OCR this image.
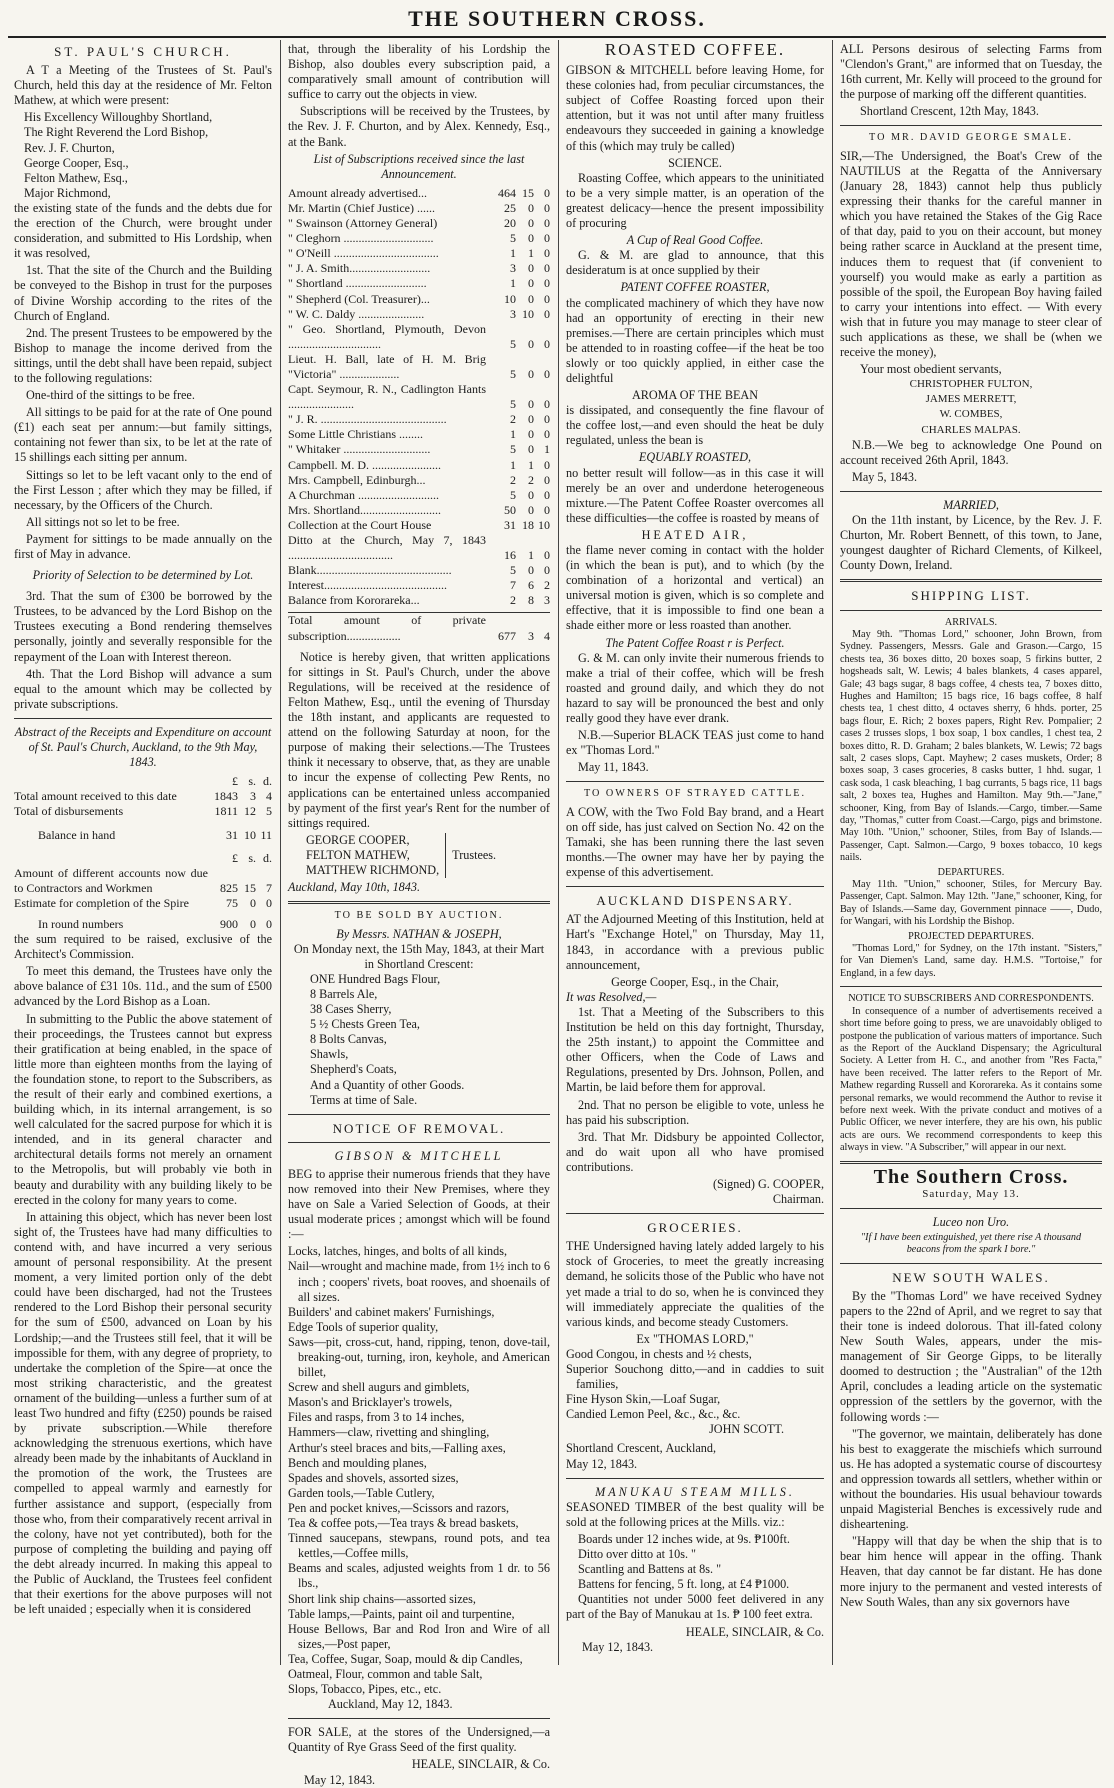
THE SOUTHERN CROSS.
ST. PAUL'S CHURCH.

A T a Meeting of the Trustees of St. Paul's Church, held this day at the residence of Mr. Felton Mathew, at which were present:

His Excellency Willoughby Shortland,
The Right Reverend the Lord Bishop,
Rev. J. F. Churton,
George Cooper, Esq.,
Felton Mathew, Esq.,
Major Richmond,

the existing state of the funds and the debts due for the erection of the Church, were brought under consideration, and submitted to His Lordship, when it was resolved,

1st. That the site of the Church and the Building be conveyed to the Bishop in trust for the purposes of Divine Worship according to the rites of the Church of England.

2nd. The present Trustees to be empowered by the Bishop to manage the income derived from the sittings, until the debt shall have been repaid, subject to the following regulations:

One-third of the sittings to be free.

All sittings to be paid for at the rate of One pound (£1) each seat per annum:—but family sittings, containing not fewer than six, to be let at the rate of 15 shillings each sitting per annum.

Sittings so let to be left vacant only to the end of the First Lesson ; after which they may be filled, if necessary, by the Officers of the Church.

All sittings not so let to be free.

Payment for sittings to be made annually on the first of May in advance.

Priority of Selection to be determined by Lot.

3rd. That the sum of £300 be borrowed by the Trustees, to be advanced by the Lord Bishop on the Trustees executing a Bond rendering themselves personally, jointly and severally responsible for the repayment of the Loan with Interest thereon.

4th. That the Lord Bishop will advance a sum equal to the amount which may be collected by private subscriptions.

Abstract of the Receipts and Expenditure on account of St. Paul's Church, Auckland, to the 9th May, 1843.
	£	s.	d.
Total amount received to this date	1843	3	4
Total of disbursements	1811	12	5

Balance in hand	31	10	11

	£	s.	d.
Amount of different accounts now due to Contractors and Workmen	825	15	7
Estimate for completion of the Spire	75	0	0

In round numbers	900	0	0

the sum required to be raised, exclusive of the Architect's Commission.

To meet this demand, the Trustees have only the above balance of £31 10s. 11d., and the sum of £500 advanced by the Lord Bishop as a Loan.

In submitting to the Public the above statement of their proceedings, the Trustees cannot but express their gratification at being enabled, in the space of little more than eighteen months from the laying of the foundation stone, to report to the Subscribers, as the result of their early and combined exertions, a building which, in its internal arrangement, is so well calculated for the sacred purpose for which it is intended, and in its general character and architectural details forms not merely an ornament to the Metropolis, but will probably vie both in beauty and durability with any building likely to be erected in the colony for many years to come.

In attaining this object, which has never been lost sight of, the Trustees have had many difficulties to contend with, and have incurred a very serious amount of personal responsibility. At the present moment, a very limited portion only of the debt could have been discharged, had not the Trustees rendered to the Lord Bishop their personal security for the sum of £500, advanced on Loan by his Lordship;—and the Trustees still feel, that it will be impossible for them, with any degree of propriety, to undertake the completion of the Spire—at once the most striking characteristic, and the greatest ornament of the building—unless a further sum of at least Two hundred and fifty (£250) pounds be raised by private subscription.—While therefore acknowledging the strenuous exertions, which have already been made by the inhabitants of Auckland in the promotion of the work, the Trustees are compelled to appeal warmly and earnestly for further assistance and support, (especially from those who, from their comparatively recent arrival in the colony, have not yet contributed), both for the purpose of completing the building and paying off the debt already incurred. In making this appeal to the Public of Auckland, the Trustees feel confident that their exertions for the above purposes will not be left unaided ; especially when it is considered

that, through the liberality of his Lordship the Bishop, also doubles every subscription paid, a comparatively small amount of contribution will suffice to carry out the objects in view.

Subscriptions will be received by the Trustees, by the Rev. J. F. Churton, and by Alex. Kennedy, Esq., at the Bank.

List of Subscriptions received since the last Announcement.
Amount already advertised...	464	15	0
Mr. Martin (Chief Justice) ......	25	0	0
" Swainson (Attorney General)	20	0	0
" Cleghorn ..............................	5	0	0
" O'Neill ...................................	1	1	0
" J. A. Smith...........................	3	0	0
" Shortland ...........................	1	0	0
" Shepherd (Col. Treasurer)...	10	0	0
" W. C. Daldy ......................	3	10	0
" Geo. Shortland, Plymouth, Devon ...............................	5	0	0
Lieut. H. Ball, late of H. M. Brig "Victoria" ....................	5	0	0
Capt. Seymour, R. N., Cadlington Hants ......................	5	0	0
" J. R. ..........................................	2	0	0
Some Little Christians ........	1	0	0
" Whitaker .............................	5	0	1
Campbell. M. D. .......................	1	1	0
Mrs. Campbell, Edinburgh...	2	2	0
A Churchman ...........................	5	0	0
Mrs. Shortland...........................	50	0	0
Collection at the Court House	31	18	10
Ditto at the Church, May 7, 1843 ...................................	16	1	0
Blank.............................................	5	0	0
Interest.........................................	7	6	2
Balance from Kororareka...	2	8	3

Total amount of private subscription..................	677	3	4

Notice is hereby given, that written applications for sittings in St. Paul's Church, under the above Regulations, will be received at the residence of Felton Mathew, Esq., until the evening of Thursday the 18th instant, and applicants are requested to attend on the following Saturday at noon, for the purpose of making their selections.—The Trustees think it necessary to observe, that, as they are unable to incur the expense of collecting Pew Rents, no applications can be entertained unless accompanied by payment of the first year's Rent for the number of sittings required.

GEORGE COOPER,
FELTON MATHEW,
MATTHEW RICHMOND,
Trustees.
Auckland, May 10th, 1843.
TO BE SOLD BY AUCTION.
By Messrs. NATHAN & JOSEPH,
On Monday next, the 15th May, 1843, at their Mart in Shortland Crescent:
ONE Hundred Bags Flour,
8 Barrels Ale,
38 Cases Sherry,
5 ½ Chests Green Tea,
8 Bolts Canvas,
Shawls,
Shepherd's Coats,
And a Quantity of other Goods.
Terms at time of Sale.
NOTICE OF REMOVAL.
GIBSON & MITCHELL

BEG to apprise their numerous friends that they have now removed into their New Premises, where they have on Sale a Varied Selection of Goods, at their usual moderate prices ; amongst which will be found :—

Locks, latches, hinges, and bolts of all kinds,
Nail—wrought and machine made, from 1½ inch to 6 inch ; coopers' rivets, boat rooves, and shoenails of all sizes.
Builders' and cabinet makers' Furnishings,
Edge Tools of superior quality,
Saws—pit, cross-cut, hand, ripping, tenon, dove-tail, breaking-out, turning, iron, keyhole, and American billet,
Screw and shell augurs and gimblets,
Mason's and Bricklayer's trowels,
Files and rasps, from 3 to 14 inches,
Hammers—claw, rivetting and shingling,
Arthur's steel braces and bits,—Falling axes,
Bench and moulding planes,
Spades and shovels, assorted sizes,
Garden tools,—Table Cutlery,
Pen and pocket knives,—Scissors and razors,
Tea & coffee pots,—Tea trays & bread baskets,
Tinned saucepans, stewpans, round pots, and tea kettles,—Coffee mills,
Beams and scales, adjusted weights from 1 dr. to 56 lbs.,
Short link ship chains—assorted sizes,
Table lamps,—Paints, paint oil and turpentine,
House Bellows, Bar and Rod Iron and Wire of all sizes,—Post paper,
Tea, Coffee, Sugar, Soap, mould & dip Candles,
Oatmeal, Flour, common and table Salt,
Slops, Tobacco, Pipes, etc., etc.
Auckland, May 12, 1843.

FOR SALE, at the stores of the Undersigned,—a Quantity of Rye Grass Seed of the first quality.

HEALE, SINCLAIR, & Co.
May 12, 1843.
ROASTED COFFEE.

GIBSON & MITCHELL before leaving Home, for these colonies had, from peculiar circumstances, the subject of Coffee Roasting forced upon their attention, but it was not until after many fruitless endeavours they succeeded in gaining a knowledge of this (which may truly be called)

SCIENCE.

Roasting Coffee, which appears to the uninitiated to be a very simple matter, is an operation of the greatest delicacy—hence the present impossibility of procuring

A Cup of Real Good Coffee.

G. & M. are glad to announce, that this desideratum is at once supplied by their

PATENT COFFEE ROASTER,

the complicated machinery of which they have now had an opportunity of erecting in their new premises.—There are certain principles which must be attended to in roasting coffee—if the heat be too slowly or too quickly applied, in either case the delightful

AROMA OF THE BEAN

is dissipated, and consequently the fine flavour of the coffee lost,—and even should the heat be duly regulated, unless the bean is

EQUABLY ROASTED,

no better result will follow—as in this case it will merely be an over and underdone heterogeneous mixture.—The Patent Coffee Roaster overcomes all these difficulties—the coffee is roasted by means of

HEATED AIR,

the flame never coming in contact with the holder (in which the bean is put), and to which (by the combination of a horizontal and vertical) an universal motion is given, which is so complete and effective, that it is impossible to find one bean a shade either more or less roasted than another.

The Patent Coffee Roast r is Perfect.

G. & M. can only invite their numerous friends to make a trial of their coffee, which will be fresh roasted and ground daily, and which they do not hazard to say will be pronounced the best and only really good they have ever drank.

N.B.—Superior BLACK TEAS just come to hand ex "Thomas Lord."

May 11, 1843.
TO OWNERS OF STRAYED CATTLE.

A COW, with the Two Fold Bay brand, and a Heart on off side, has just calved on Section No. 42 on the Tamaki, she has been running there the last seven months.—The owner may have her by paying the expense of this advertisement.

AUCKLAND DISPENSARY.

AT the Adjourned Meeting of this Institution, held at Hart's "Exchange Hotel," on Thursday, May 11, 1843, in accordance with a previous public announcement,

George Cooper, Esq., in the Chair,
It was Resolved,—

1st. That a Meeting of the Subscribers to this Institution be held on this day fortnight, Thursday, the 25th instant,) to appoint the Committee and other Officers, when the Code of Laws and Regulations, presented by Drs. Johnson, Pollen, and Martin, be laid before them for approval.

2nd. That no person be eligible to vote, unless he has paid his subscription.

3rd. That Mr. Didsbury be appointed Collector, and do wait upon all who have promised contributions.

(Signed) G. COOPER,
Chairman.
GROCERIES.

THE Undersigned having lately added largely to his stock of Groceries, to meet the greatly increasing demand, he solicits those of the Public who have not yet made a trial to do so, when he is convinced they will immediately appreciate the qualities of the various kinds, and become steady Customers.

Ex "THOMAS LORD,"
Good Congou, in chests and ½ chests,
Superior Souchong ditto,—and in caddies to suit families,
Fine Hyson Skin,—Loaf Sugar,
Candied Lemon Peel, &c., &c., &c.
JOHN SCOTT.
Shortland Crescent, Auckland, May 12, 1843.
MANUKAU STEAM MILLS.

SEASONED TIMBER of the best quality will be sold at the following prices at the Mills. viz.:

Boards under 12 inches wide, at 9s. ₱100ft.
Ditto over ditto at 10s. "
Scantling and Battens at 8s. "
Battens for fencing, 5 ft. long, at £4 ₱1000.

Quantities not under 5000 feet delivered in any part of the Bay of Manukau at 1s. ₱ 100 feet extra.

HEALE, SINCLAIR, & Co.
May 12, 1843.

ALL Persons desirous of selecting Farms from "Clendon's Grant," are informed that on Tuesday, the 16th current, Mr. Kelly will proceed to the ground for the purpose of marking off the different quantities.

Shortland Crescent, 12th May, 1843.
TO MR. DAVID GEORGE SMALE.

SIR,—The Undersigned, the Boat's Crew of the NAUTILUS at the Regatta of the Anniversary (January 28, 1843) cannot help thus publicly expressing their thanks for the careful manner in which you have retained the Stakes of the Gig Race of that day, paid to you on their account, but money being rather scarce in Auckland at the present time, induces them to request that (if convenient to yourself) you would make as early a partition as possible of the spoil, the European Boy having failed to carry your intentions into effect. — With every wish that in future you may manage to steer clear of such applications as these, we shall be (when we receive the money),

Your most obedient servants,
CHRISTOPHER FULTON,
JAMES MERRETT,
W. COMBES,
CHARLES MALPAS.

N.B.—We beg to acknowledge One Pound on account received 26th April, 1843.

May 5, 1843.
MARRIED,

On the 11th instant, by Licence, by the Rev. J. F. Churton, Mr. Robert Bennett, of this town, to Jane, youngest daughter of Richard Clements, of Kilkeel, County Down, Ireland.

SHIPPING LIST.
ARRIVALS.

May 9th. "Thomas Lord," schooner, John Brown, from Sydney. Passengers, Messrs. Gale and Grason.—Cargo, 15 chests tea, 36 boxes ditto, 20 boxes soap, 5 firkins butter, 2 hogsheads salt, W. Lewis; 4 bales blankets, 4 cases apparel, Gale; 43 bags sugar, 8 bags coffee, 4 chests tea, 7 boxes ditto, Hughes and Hamilton; 15 bags rice, 16 bags coffee, 8 half chests tea, 1 chest ditto, 4 octaves sherry, 6 hhds. porter, 25 bags flour, E. Rich; 2 boxes papers, Right Rev. Pompalier; 2 cases 2 trusses slops, 1 box soap, 1 box candles, 1 chest tea, 2 boxes ditto, R. D. Graham; 2 bales blankets, W. Lewis; 72 bags salt, 2 cases slops, Capt. Mayhew; 2 cases muskets, Order; 8 boxes soap, 3 cases groceries, 8 casks butter, 1 hhd. sugar, 1 cask soda, 1 cask bleaching, 1 bag currants, 5 bags rice, 11 bags salt, 2 boxes tea, Hughes and Hamilton. May 9th.—"Jane," schooner, King, from Bay of Islands.—Cargo, timber.—Same day, "Thomas," cutter from Coast.—Cargo, pigs and brimstone. May 10th. "Union," schooner, Stiles, from Bay of Islands.—Passenger, Capt. Salmon.—Cargo, 9 boxes tobacco, 10 kegs nails.

DEPARTURES.

May 11th. "Union," schooner, Stiles, for Mercury Bay. Passenger, Capt. Salmon. May 12th. "Jane," schooner, King, for Bay of Islands.—Same day, Government pinnace ——, Dudo, for Wangari, with his Lordship the Bishop.

PROJECTED DEPARTURES.

"Thomas Lord," for Sydney, on the 17th instant. "Sisters," for Van Diemen's Land, same day. H.M.S. "Tortoise," for England, in a few days.

NOTICE TO SUBSCRIBERS AND CORRESPONDENTS.

In consequence of a number of advertisements received a short time before going to press, we are unavoidably obliged to postpone the publication of various matters of importance. Such as the Report of the Auckland Dispensary; the Agricultural Society. A Letter from H. C., and another from "Res Facta," have been received. The latter refers to the Report of Mr. Mathew regarding Russell and Kororareka. As it contains some personal remarks, we would recommend the Author to revise it before next week. With the private conduct and motives of a Public Officer, we never interfere, they are his own, his public acts are ours. We recommend correspondents to keep this always in view. "A Subscriber," will appear in our next.

The Southern Cross.
Saturday, May 13.
Luceo non Uro.
"If I have been extinguished, yet there rise A thousand beacons from the spark I bore."
NEW SOUTH WALES.

By the "Thomas Lord" we have received Sydney papers to the 22nd of April, and we regret to say that their tone is indeed dolorous. That ill-fated colony New South Wales, appears, under the mis-management of Sir George Gipps, to be literally doomed to destruction ; the "Australian" of the 12th April, concludes a leading article on the systematic oppression of the settlers by the governor, with the following words :—

"The governor, we maintain, deliberately has done his best to exaggerate the mischiefs which surround us. He has adopted a systematic course of discourtesy and oppression towards all settlers, whether within or without the boundaries. His usual behaviour towards unpaid Magisterial Benches is excessively rude and disheartening.

"Happy will that day be when the ship that is to bear him hence will appear in the offing. Thank Heaven, that day cannot be far distant. He has done more injury to the permanent and vested interests of New South Wales, than any six governors have
